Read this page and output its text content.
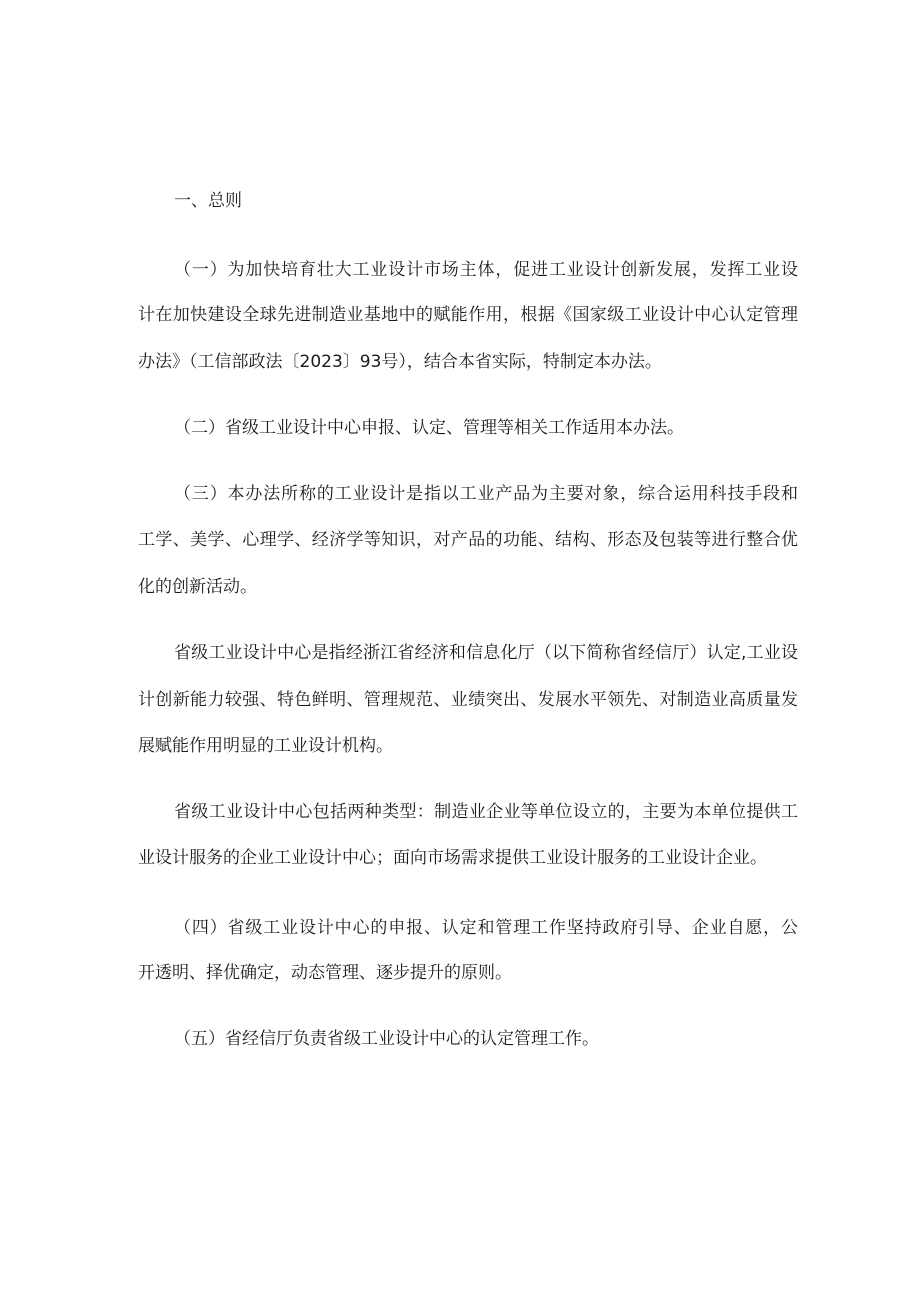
一、总则
（一）为加快培育壮大工业设计市场主体，促进工业设计创新发展，发挥工业设
计在加快建设全球先进制造业基地中的赋能作用，根据《国家级工业设计中心认定管理
办法》（工信部政法〔2023〕93号），结合本省实际，特制定本办法。
（二）省级工业设计中心申报、认定、管理等相关工作适用本办法。
（三）本办法所称的工业设计是指以工业产品为主要对象，综合运用科技手段和
工学、美学、心理学、经济学等知识，对产品的功能、结构、形态及包装等进行整合优
化的创新活动。
省级工业设计中心是指经浙江省经济和信息化厅（以下简称省经信厅）认定,工业设
计创新能力较强、特色鲜明、管理规范、业绩突出、发展水平领先、对制造业高质量发
展赋能作用明显的工业设计机构。
省级工业设计中心包括两种类型：制造业企业等单位设立的，主要为本单位提供工
业设计服务的企业工业设计中心；面向市场需求提供工业设计服务的工业设计企业。
（四）省级工业设计中心的申报、认定和管理工作坚持政府引导、企业自愿，公
开透明、择优确定，动态管理、逐步提升的原则。
（五）省经信厅负责省级工业设计中心的认定管理工作。
